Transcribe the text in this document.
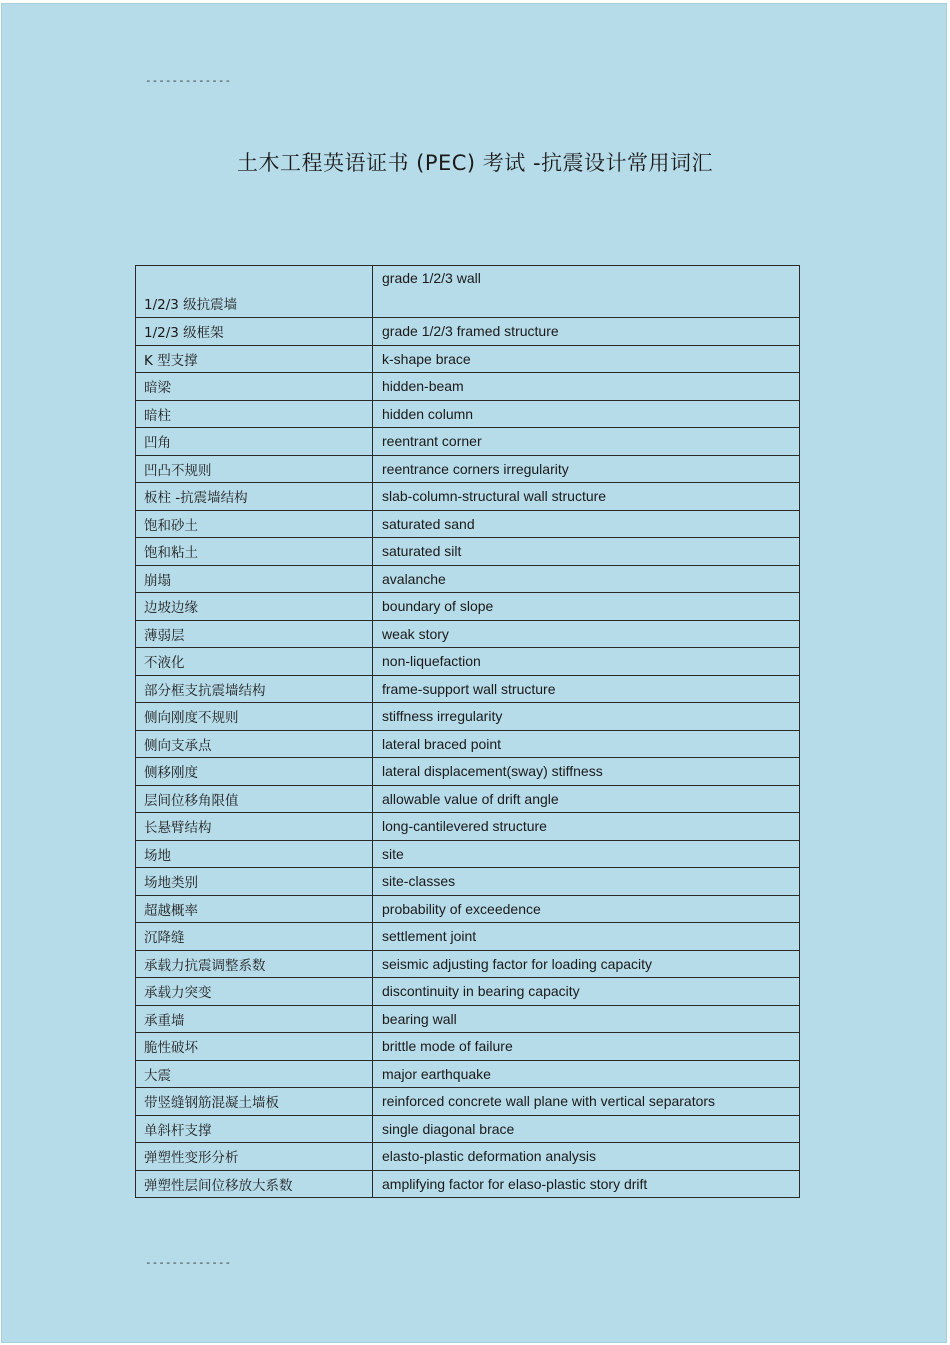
-------------
土木工程英语证书 (PEC) 考试 -抗震设计常用词汇
-------------
1/2/3 级抗震墙	grade 1/2/3 wall
1/2/3 级框架	grade 1/2/3 framed structure
K 型支撑	k-shape brace
暗梁	hidden-beam
暗柱	hidden column
凹角	reentrant corner
凹凸不规则	reentrance corners irregularity
板柱 -抗震墙结构	slab-column-structural wall structure
饱和砂土	saturated sand
饱和粘土	saturated silt
崩塌	avalanche
边坡边缘	boundary of slope
薄弱层	weak story
不液化	non-liquefaction
部分框支抗震墙结构	frame-support wall structure
侧向刚度不规则	stiffness irregularity
侧向支承点	lateral braced point
侧移刚度	lateral displacement(sway) stiffness
层间位移角限值	allowable value of drift angle
长悬臂结构	long-cantilevered structure
场地	site
场地类别	site-classes
超越概率	probability of exceedence
沉降缝	settlement joint
承载力抗震调整系数	seismic adjusting factor for loading capacity
承载力突变	discontinuity in bearing capacity
承重墙	bearing wall
脆性破坏	brittle mode of failure
大震	major earthquake
带竖缝钢筋混凝土墙板	reinforced concrete wall plane with vertical separators
单斜杆支撑	single diagonal brace
弹塑性变形分析	elasto-plastic deformation analysis
弹塑性层间位移放大系数	amplifying factor for elaso-plastic story drift
